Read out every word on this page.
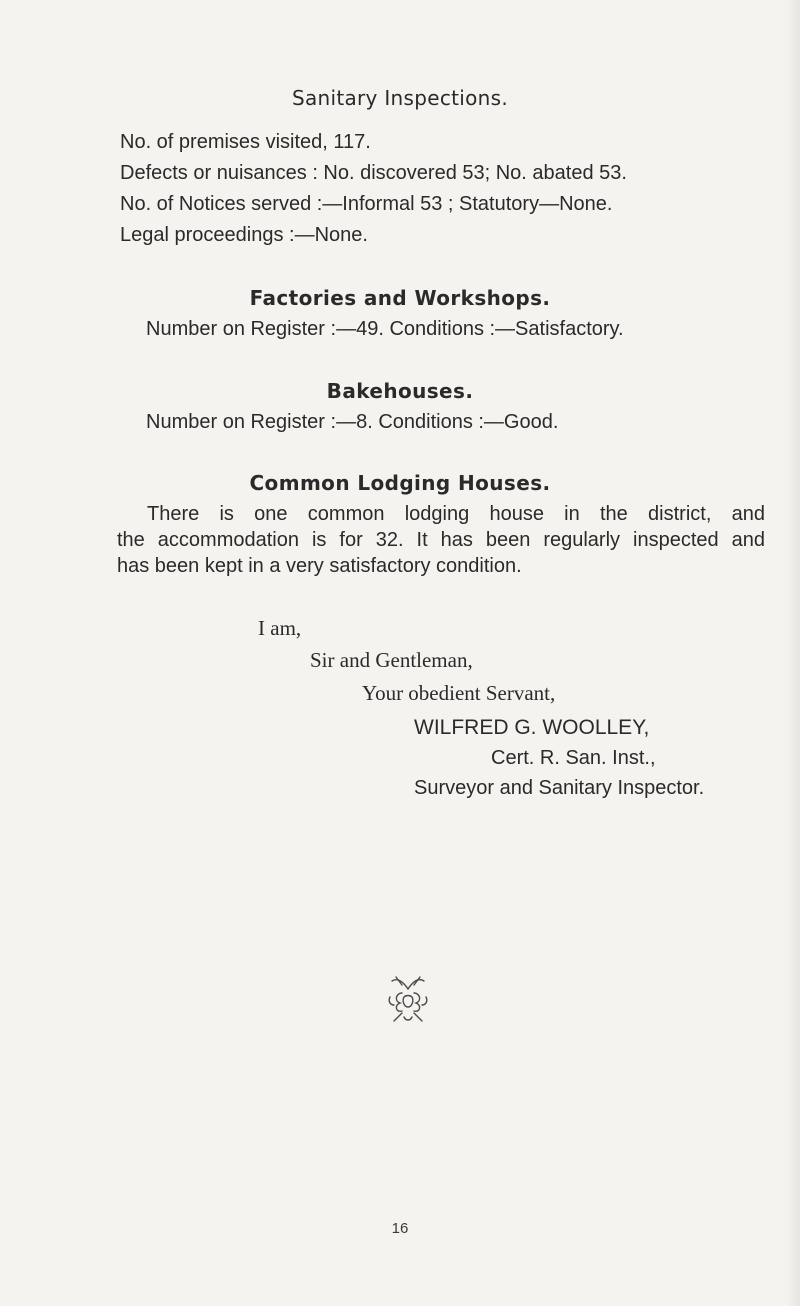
Sanitary Inspections.
No. of premises visited, 117.
Defects or nuisances : No. discovered 53; No. abated 53.
No. of Notices served :—Informal 53 ; Statutory—None.
Legal proceedings :—None.
Factories and Workshops.
Number on Register :—49. Conditions :—Satisfactory.
Bakehouses.
Number on Register :—8. Conditions :—Good.
Common Lodging Houses.
There is one common lodging house in the district, and
the accommodation is for 32. It has been regularly inspected and
has been kept in a very satisfactory condition.
I am,
Sir and Gentleman,
Your obedient Servant,
WILFRED G. WOOLLEY,
Cert. R. San. Inst.,
Surveyor and Sanitary Inspector.
16
